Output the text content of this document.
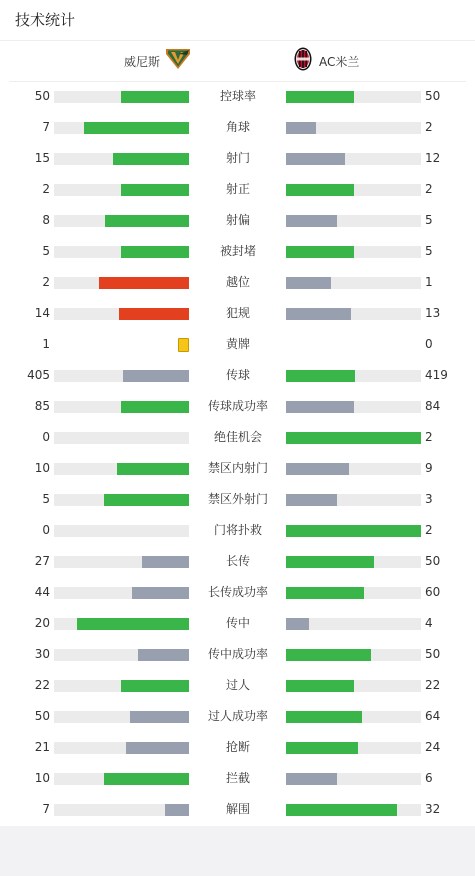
技术统计
威尼斯	AC米兰
50	控球率	50
7	角球	2
15	射门	12
2	射正	2
8	射偏	5
5	被封堵	5
2	越位	1
14	犯规	13
1	黄牌	0
405	传球	419
85	传球成功率	84
0	绝佳机会	2
10	禁区内射门	9
5	禁区外射门	3
0	门将扑救	2
27	长传	50
44	长传成功率	60
20	传中	4
30	传中成功率	50
22	过人	22
50	过人成功率	64
21	抢断	24
10	拦截	6
7	解围	32
